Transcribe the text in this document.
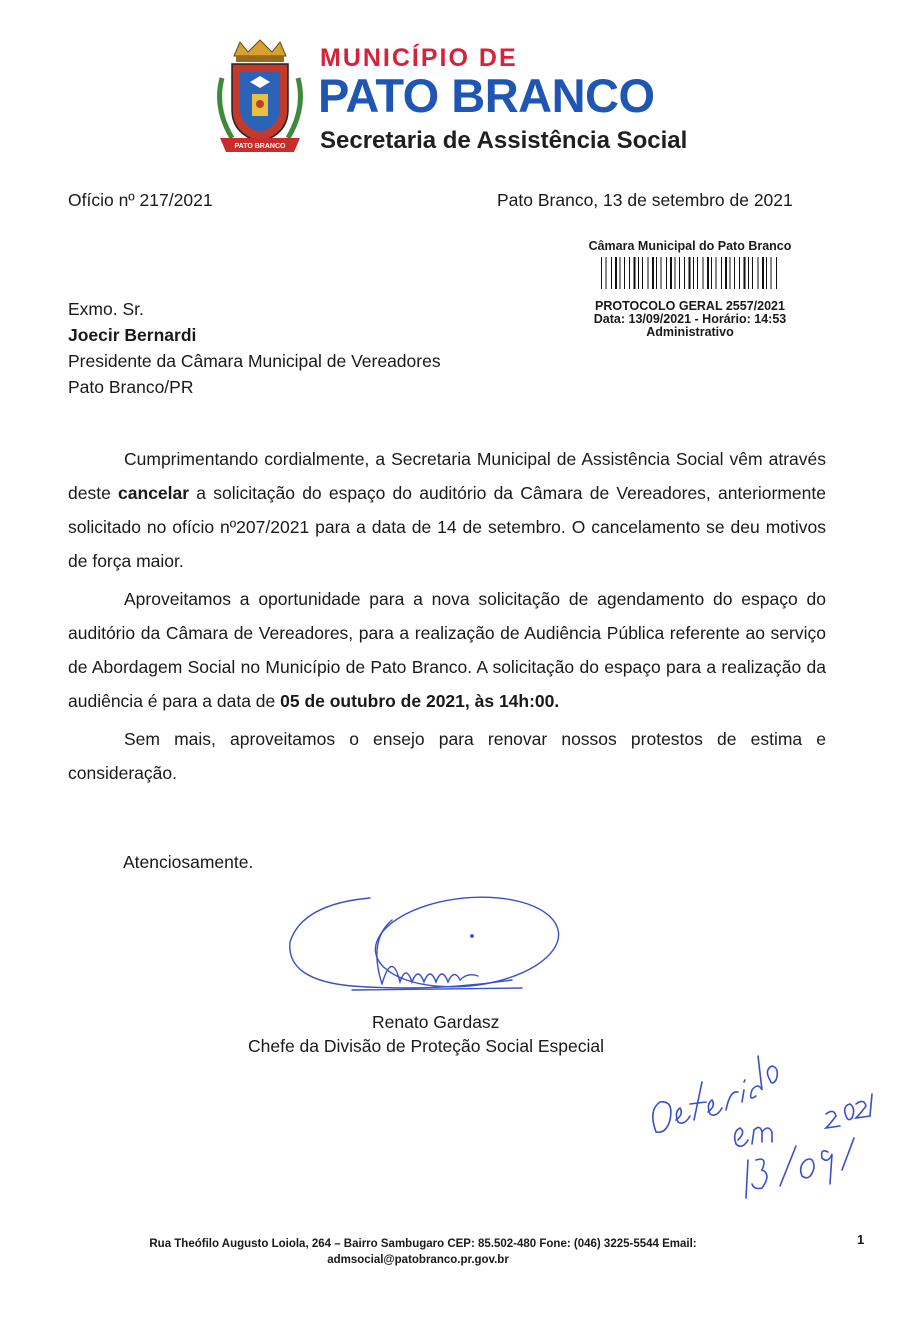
PATO BRANCO
MUNICÍPIO DE
PATO BRANCO
Secretaria de Assistência Social
Ofício nº 217/2021	Pato Branco, 13 de setembro de 2021
Câmara Municipal do Pato Branco
PROTOCOLO GERAL 2557/2021
Data: 13/09/2021 - Horário: 14:53
Administrativo
Exmo. Sr.
Joecir Bernardi
Presidente da Câmara Municipal de Vereadores
Pato Branco/PR

Cumprimentando cordialmente, a Secretaria Municipal de Assistência Social vêm através deste cancelar a solicitação do espaço do auditório da Câmara de Vereadores, anteriormente solicitado no ofício nº207/2021 para a data de 14 de setembro. O cancelamento se deu motivos de força maior.

Aproveitamos a oportunidade para a nova solicitação de agendamento do espaço do auditório da Câmara de Vereadores, para a realização de Audiência Pública referente ao serviço de Abordagem Social no Município de Pato Branco. A solicitação do espaço para a realização da audiência é para a data de 05 de outubro de 2021, às 14h:00.

Sem mais, aproveitamos o ensejo para renovar nossos protestos de estima e consideração.

Atenciosamente.
Renato Gardasz
Chefe da Divisão de Proteção Social Especial
Rua Theófilo Augusto Loiola, 264 – Bairro Sambugaro CEP: 85.502-480 Fone: (046) 3225-5544 Email:
admsocial@patobranco.pr.gov.br
1
